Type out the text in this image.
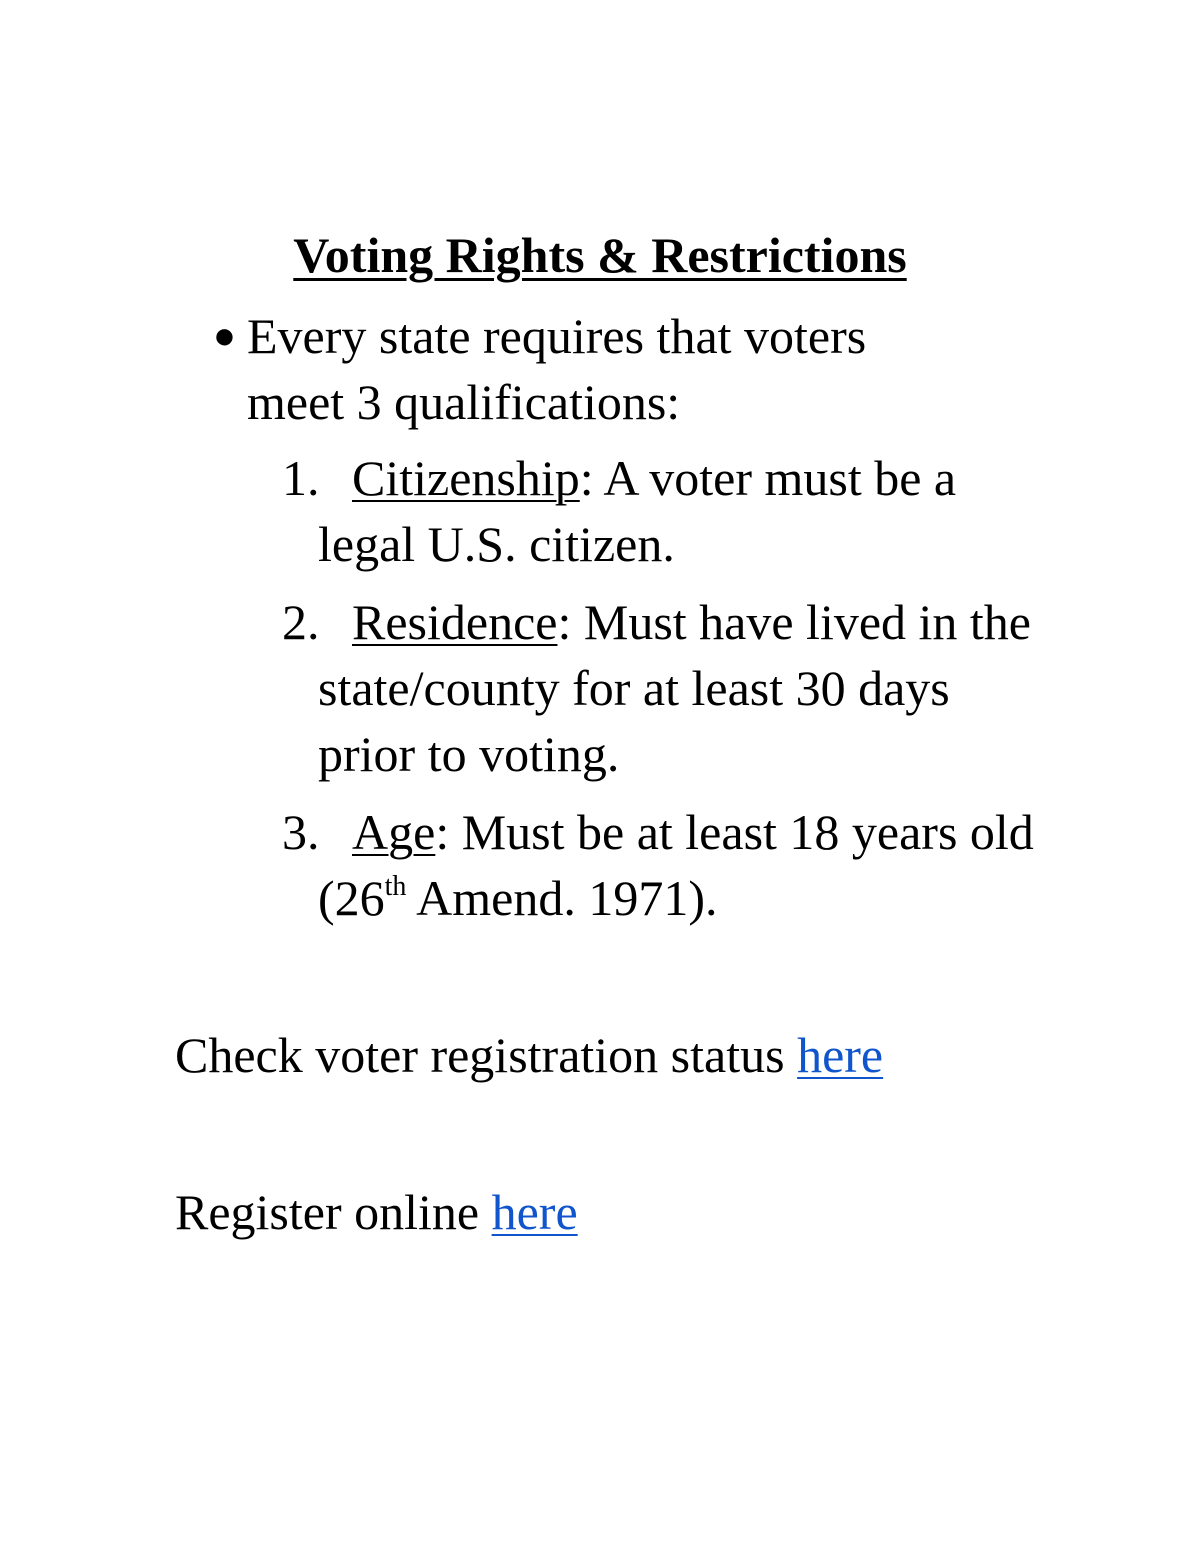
Voting Rights & Restrictions
● Every state requires that voters meet 3 qualifications:
1. Citizenship: A voter must be a legal U.S. citizen.
2. Residence: Must have lived in the state/county for at least 30 days prior to voting.
3. Age: Must be at least 18 years old (26th Amend. 1971).
Check voter registration status here
Register online here
